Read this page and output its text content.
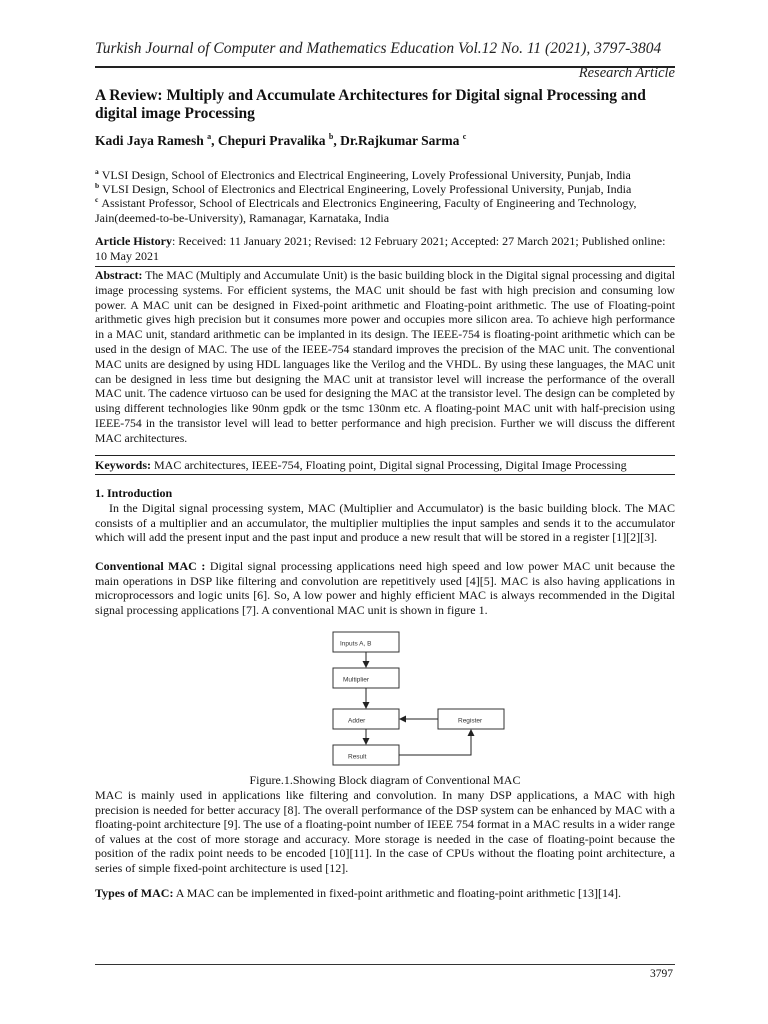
Turkish Journal of Computer and Mathematics Education Vol.12 No. 11 (2021), 3797-3804
Research Article
A Review: Multiply and Accumulate Architectures for Digital signal Processing and digital image Processing
Kadi Jaya Ramesh $^a$, Chepuri Pravalika $^b$, Dr.Rajkumar Sarma $^c$
$^a$ VLSI Design, School of Electronics and Electrical Engineering, Lovely Professional University, Punjab, India
$^b$ VLSI Design, School of Electronics and Electrical Engineering, Lovely Professional University, Punjab, India
$^c$ Assistant Professor, School of Electricals and Electronics Engineering, Faculty of Engineering and Technology, Jain(deemed-to-be-University), Ramanagar, Karnataka, India
Article History: Received: 11 January 2021; Revised: 12 February 2021; Accepted: 27 March 2021; Published online: 10 May 2021
Abstract: The MAC (Multiply and Accumulate Unit) is the basic building block in the Digital signal processing and digital image processing systems. For efficient systems, the MAC unit should be fast with high precision and consuming low power. A MAC unit can be designed in Fixed-point arithmetic and Floating-point arithmetic. The use of Floating-point arithmetic gives high precision but it consumes more power and occupies more silicon area. To achieve high performance in a MAC unit, standard arithmetic can be implanted in its design. The IEEE-754 is floating-point arithmetic which can be used in the design of MAC. The use of the IEEE-754 standard improves the precision of the MAC unit. The conventional MAC units are designed by using HDL languages like the Verilog and the VHDL. By using these languages, the MAC unit can be designed in less time but designing the MAC unit at transistor level will increase the performance of the overall MAC unit. The cadence virtuoso can be used for designing the MAC at the transistor level. The design can be completed by using different technologies like 90nm gpdk or the tsmc 130nm etc. A floating-point MAC unit with half-precision using IEEE-754 in the transistor level will lead to better performance and high precision. Further we will discuss the different MAC architectures.
Keywords: MAC architectures, IEEE-754, Floating point, Digital signal Processing, Digital Image Processing
1. Introduction
In the Digital signal processing system, MAC (Multiplier and Accumulator) is the basic building block. The MAC consists of a multiplier and an accumulator, the multiplier multiplies the input samples and sends it to the accumulator which will add the present input and the past input and produce a new result that will be stored in a register [1][2][3].
Conventional MAC : Digital signal processing applications need high speed and low power MAC unit because the main operations in DSP like filtering and convolution are repetitively used [4][5]. MAC is also having applications in microprocessors and logic units [6]. So, A low power and highly efficient MAC is always recommended in the Digital signal processing applications [7]. A conventional MAC unit is shown in figure 1.
Inputs A, B
Multiplier
Adder	Register
Result
Figure.1.Showing Block diagram of Conventional MAC
MAC is mainly used in applications like filtering and convolution. In many DSP applications, a MAC with high precision is needed for better accuracy [8]. The overall performance of the DSP system can be enhanced by MAC with a floating-point architecture [9]. The use of a floating-point number of IEEE 754 format in a MAC results in a wider range of values at the cost of more storage and accuracy. More storage is needed in the case of floating-point because the position of the radix point needs to be encoded [10][11]. In the case of CPUs without the floating point architecture, a series of simple fixed-point architecture is used [12].
Types of MAC: A MAC can be implemented in fixed-point arithmetic and floating-point arithmetic [13][14].
3797
